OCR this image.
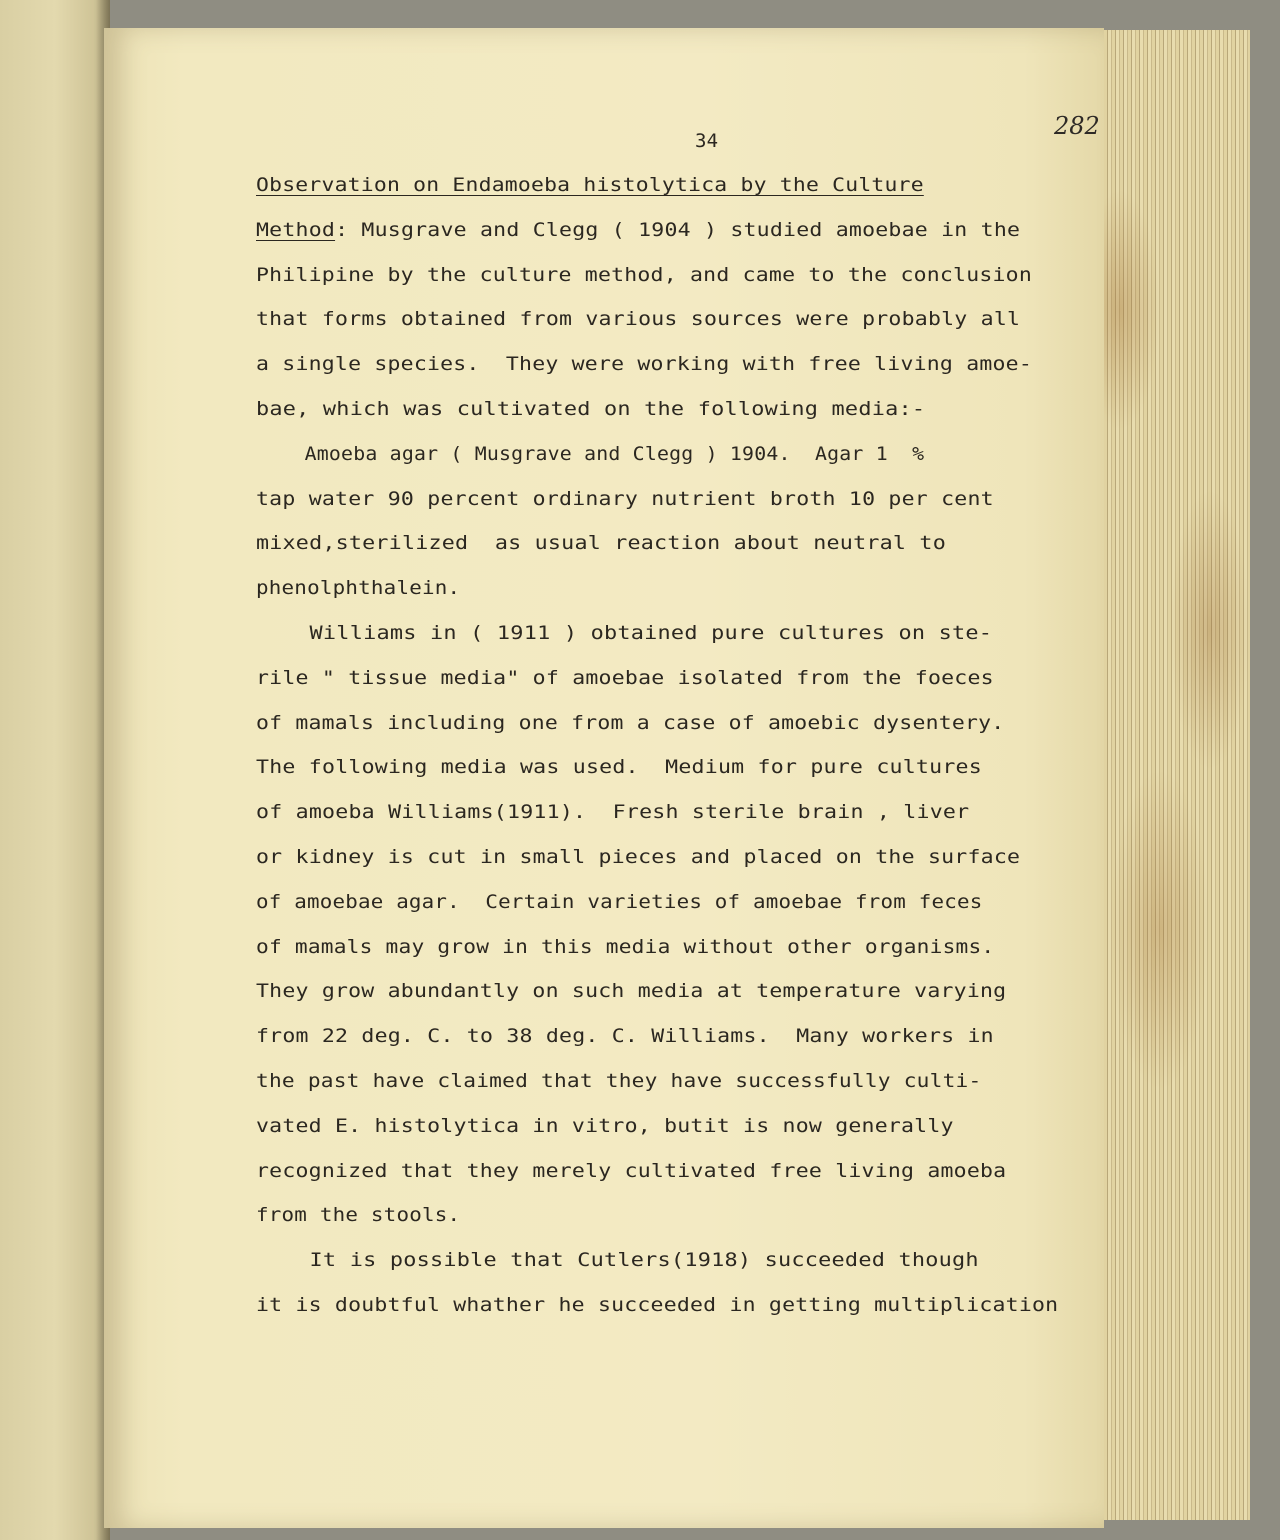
34
282
Observation on Endamoeba histolytica by the Culture
Method: Musgrave and Clegg ( 1904 ) studied amoebae in the
Philipine by the culture method, and came to the conclusion
that forms obtained from various sources were probably all
a single species.  They were working with free living amoe-
bae, which was cultivated on the following media:-
Amoeba agar ( Musgrave and Clegg ) 1904.  Agar 1  %
tap water 90 percent ordinary nutrient broth 10 per cent
mixed,sterilized  as usual reaction about neutral to
phenolphthalein.
Williams in ( 1911 ) obtained pure cultures on ste-
rile " tissue media" of amoebae isolated from the foeces
of mamals including one from a case of amoebic dysentery.
The following media was used.  Medium for pure cultures
of amoeba Williams(1911).  Fresh sterile brain , liver
or kidney is cut in small pieces and placed on the surface
of amoebae agar.  Certain varieties of amoebae from feces
of mamals may grow in this media without other organisms.
They grow abundantly on such media at temperature varying
from 22 deg. C. to 38 deg. C. Williams.  Many workers in
the past have claimed that they have successfully culti-
vated E. histolytica in vitro, butit is now generally
recognized that they merely cultivated free living amoeba
from the stools.
It is possible that Cutlers(1918) succeeded though
it is doubtful whather he succeeded in getting multiplication
